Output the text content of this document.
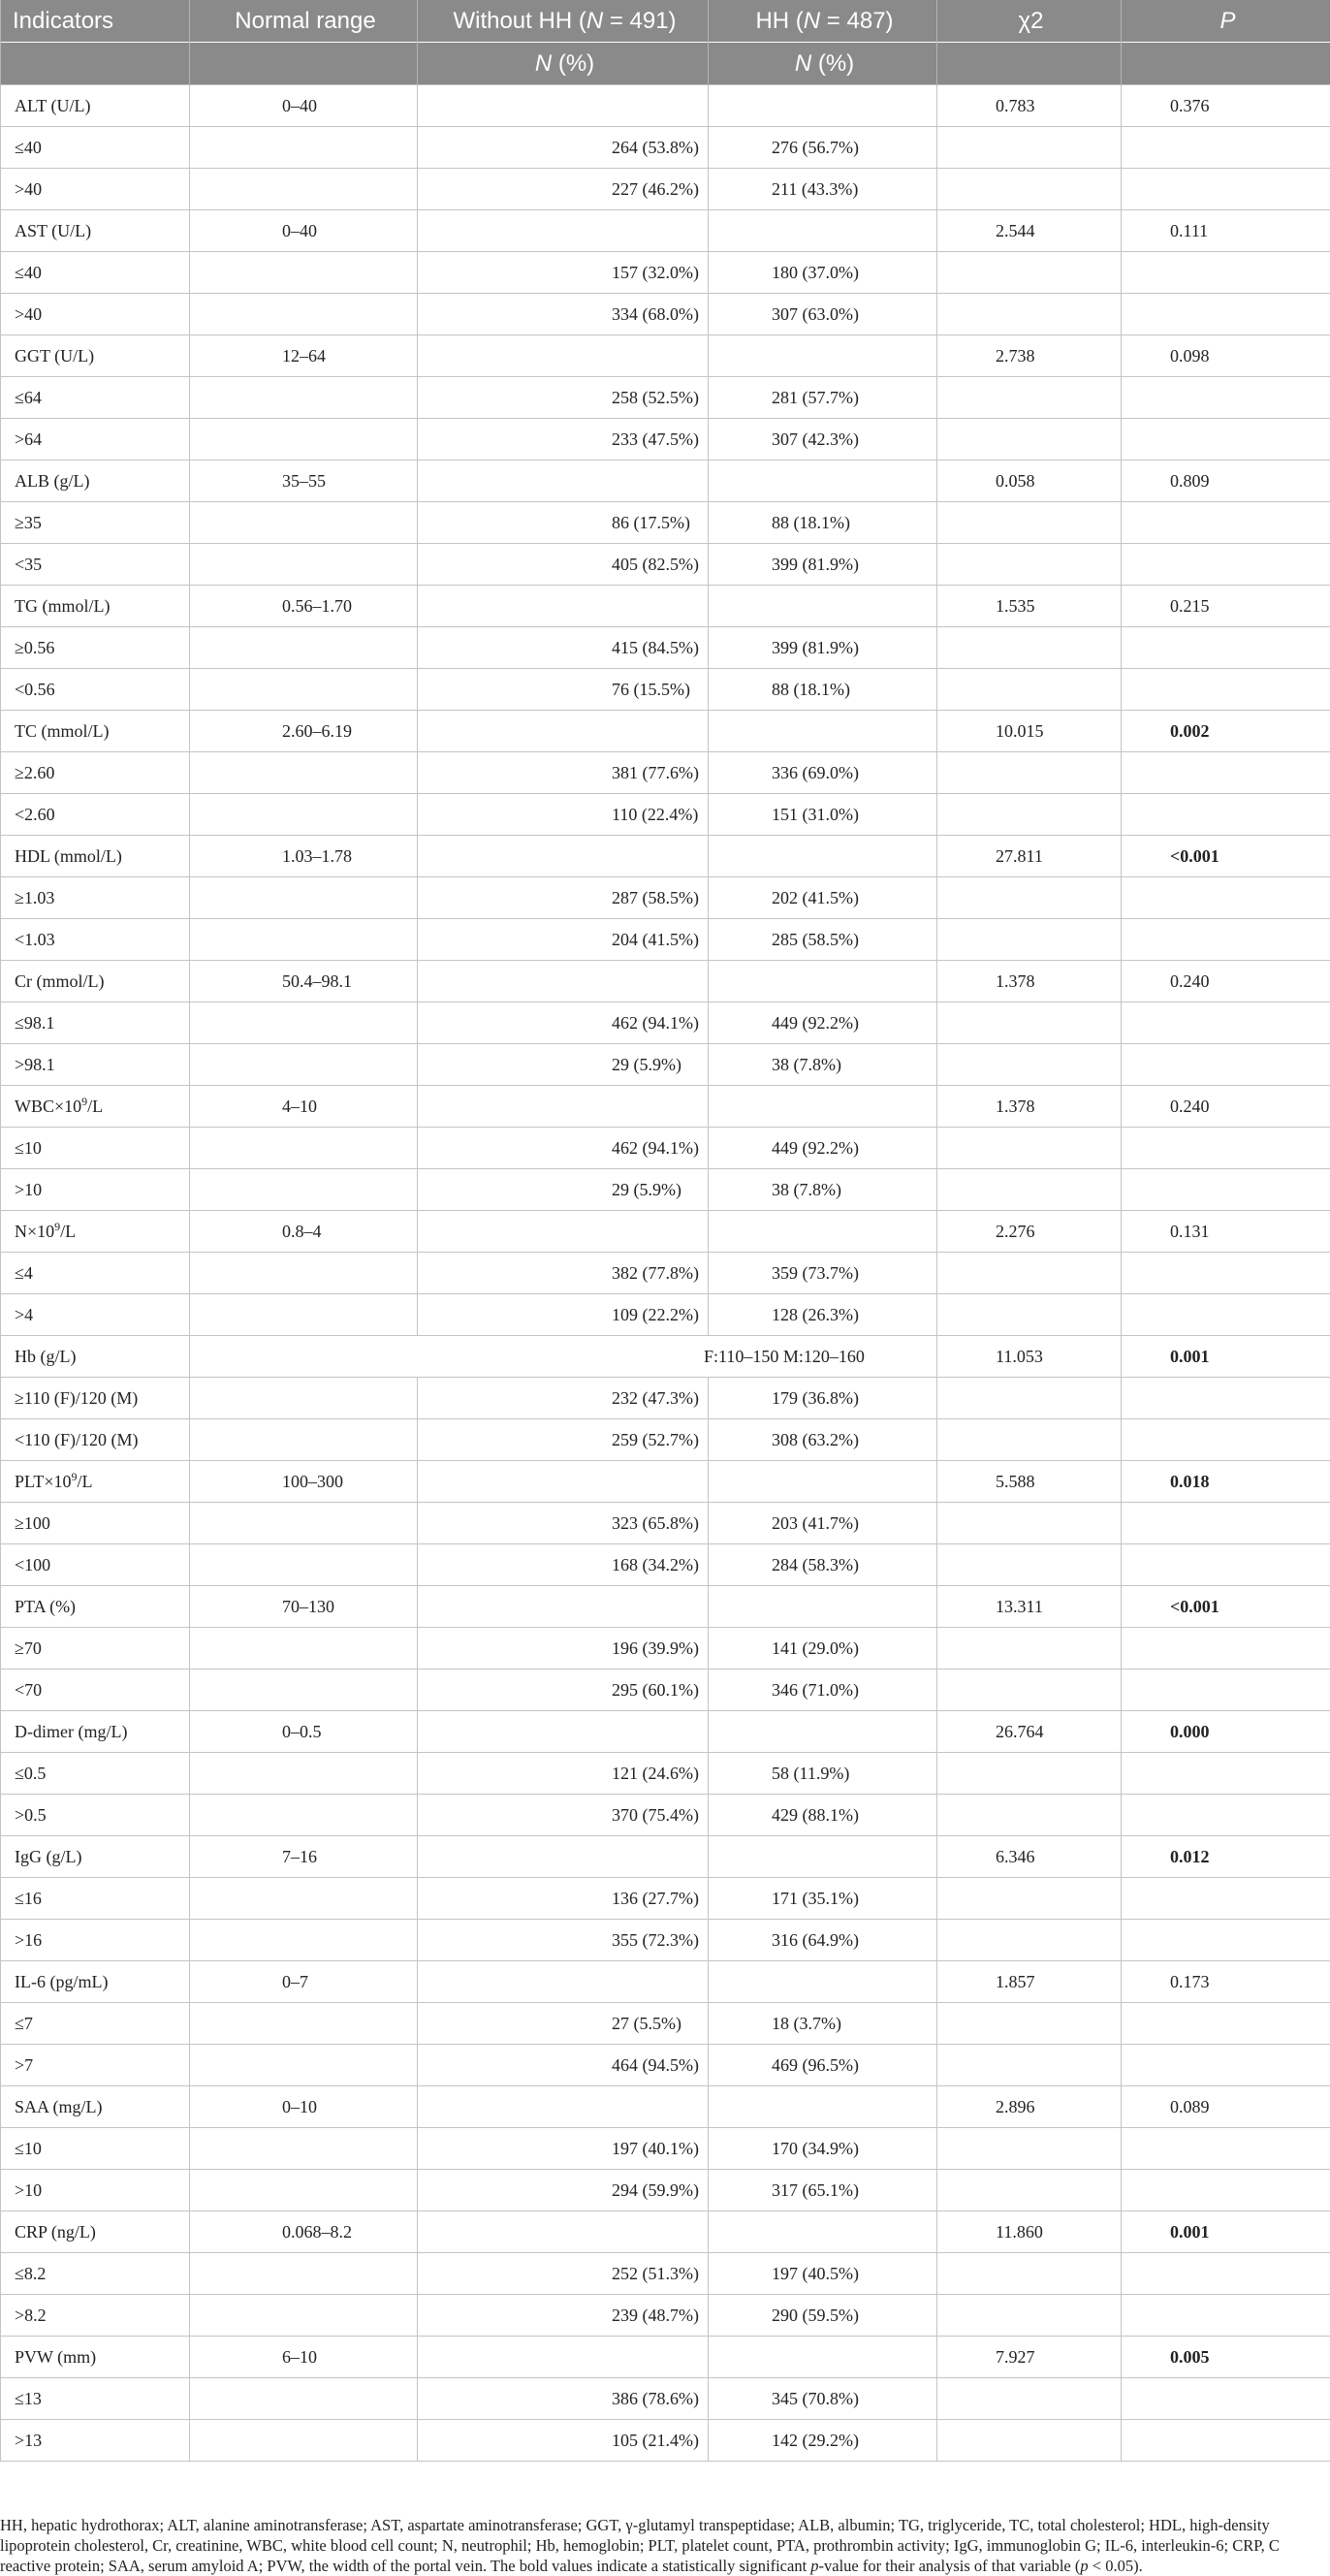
Indicators	Normal range	Without HH (N = 491)	HH (N = 487)	χ2	P
		N (%)	N (%)		
ALT (U/L)	0–40			0.783	0.376
≤40		264 (53.8%)	276 (56.7%)		
>40		227 (46.2%)	211 (43.3%)		
AST (U/L)	0–40			2.544	0.111
≤40		157 (32.0%)	180 (37.0%)		
>40		334 (68.0%)	307 (63.0%)		
GGT (U/L)	12–64			2.738	0.098
≤64		258 (52.5%)	281 (57.7%)		
>64		233 (47.5%)	307 (42.3%)		
ALB (g/L)	35–55			0.058	0.809
≥35		86 (17.5%)	88 (18.1%)		
<35		405 (82.5%)	399 (81.9%)		
TG (mmol/L)	0.56–1.70			1.535	0.215
≥0.56		415 (84.5%)	399 (81.9%)		
<0.56		76 (15.5%)	88 (18.1%)		
TC (mmol/L)	2.60–6.19			10.015	0.002
≥2.60		381 (77.6%)	336 (69.0%)		
<2.60		110 (22.4%)	151 (31.0%)		
HDL (mmol/L)	1.03–1.78			27.811	<0.001
≥1.03		287 (58.5%)	202 (41.5%)		
<1.03		204 (41.5%)	285 (58.5%)		
Cr (mmol/L)	50.4–98.1			1.378	0.240
≤98.1		462 (94.1%)	449 (92.2%)		
>98.1		29 (5.9%)	38 (7.8%)		
$WBC\times 10^9/L$	4–10			1.378	0.240
≤10		462 (94.1%)	449 (92.2%)		
>10		29 (5.9%)	38 (7.8%)		
$N\times 10^9/L$	0.8–4			2.276	0.131
≤4		382 (77.8%)	359 (73.7%)		
>4		109 (22.2%)	128 (26.3%)		
Hb (g/L)	F:110–150 M:120–160			11.053	0.001
≥110 (F)/120 (M)		232 (47.3%)	179 (36.8%)		
<110 (F)/120 (M)		259 (52.7%)	308 (63.2%)		
$PLT\times 10^9/L$	100–300			5.588	0.018
≥100		323 (65.8%)	203 (41.7%)		
<100		168 (34.2%)	284 (58.3%)		
PTA (%)	70–130			13.311	<0.001
≥70		196 (39.9%)	141 (29.0%)		
<70		295 (60.1%)	346 (71.0%)		
D-dimer (mg/L)	0–0.5			26.764	0.000
≤0.5		121 (24.6%)	58 (11.9%)		
>0.5		370 (75.4%)	429 (88.1%)		
IgG (g/L)	7–16			6.346	0.012
≤16		136 (27.7%)	171 (35.1%)		
>16		355 (72.3%)	316 (64.9%)		
IL-6 (pg/mL)	0–7			1.857	0.173
≤7		27 (5.5%)	18 (3.7%)		
>7		464 (94.5%)	469 (96.5%)		
SAA (mg/L)	0–10			2.896	0.089
≤10		197 (40.1%)	170 (34.9%)		
>10		294 (59.9%)	317 (65.1%)		
CRP (ng/L)	0.068–8.2			11.860	0.001
≤8.2		252 (51.3%)	197 (40.5%)		
>8.2		239 (48.7%)	290 (59.5%)		
PVW (mm)	6–10			7.927	0.005
≤13		386 (78.6%)	345 (70.8%)		
>13		105 (21.4%)	142 (29.2%)		
HH, hepatic hydrothorax; ALT, alanine aminotransferase; AST, aspartate aminotransferase; GGT, γ-glutamyl transpeptidase; ALB, albumin; TG, triglyceride, TC, total cholesterol; HDL, high-density lipoprotein cholesterol, Cr, creatinine, WBC, white blood cell count; N, neutrophil; Hb, hemoglobin; PLT, platelet count, PTA, prothrombin activity; IgG, immunoglobin G; IL-6, interleukin-6; CRP, C reactive protein; SAA, serum amyloid A; PVW, the width of the portal vein. The bold values indicate a statistically significant p-value for their analysis of that variable (p < 0.05).
